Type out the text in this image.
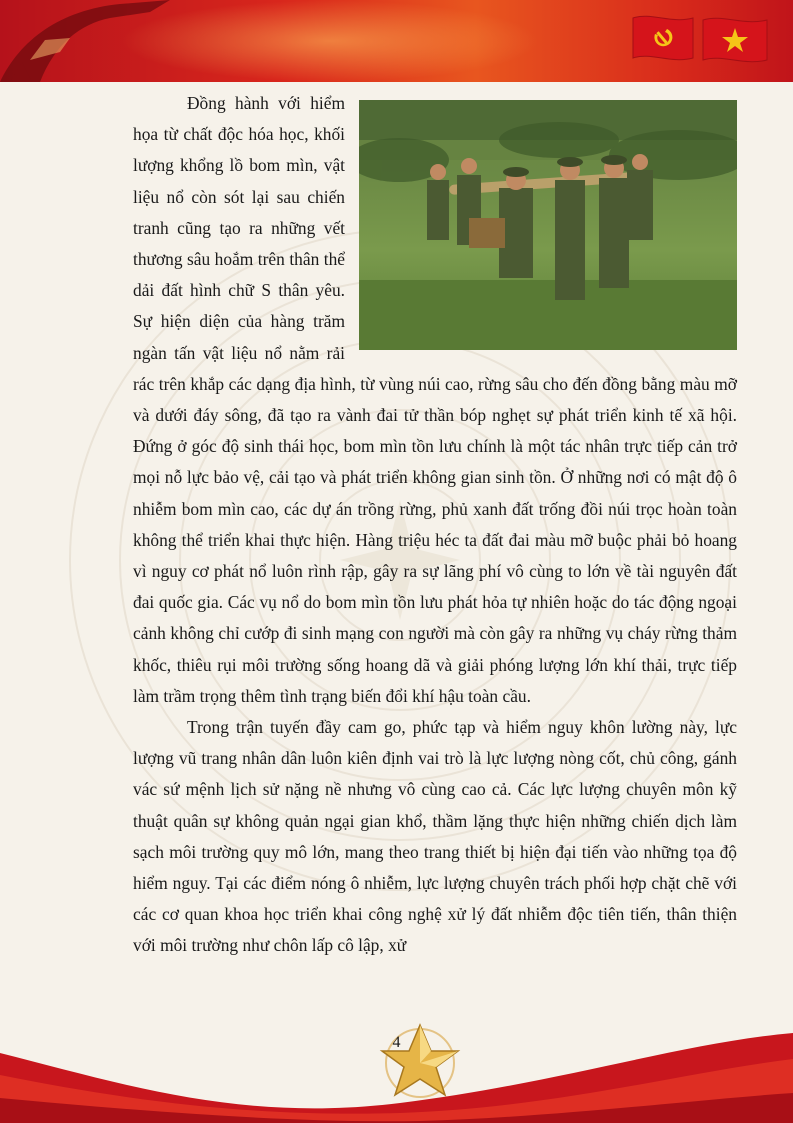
Đồng hành với hiểm họa từ chất độc hóa học, khối lượng khổng lồ bom mìn, vật liệu nổ còn sót lại sau chiến tranh cũng tạo ra những vết thương sâu hoắm trên thân thể dải đất hình chữ S thân yêu. Sự hiện diện của hàng trăm ngàn tấn vật liệu nổ nằm rải rác trên khắp các dạng địa hình, từ vùng núi cao, rừng sâu cho đến đồng bằng màu mỡ và dưới đáy sông, đã tạo ra vành đai tử thần bóp nghẹt sự phát triển kinh tế xã hội. Đứng ở góc độ sinh thái học, bom mìn tồn lưu chính là một tác nhân trực tiếp cản trở mọi nỗ lực bảo vệ, cải tạo và phát triển không gian sinh tồn. Ở những nơi có mật độ ô nhiễm bom mìn cao, các dự án trồng rừng, phủ xanh đất trống đồi núi trọc hoàn toàn không thể triển khai thực hiện. Hàng triệu héc ta đất đai màu mỡ buộc phải bỏ hoang vì nguy cơ phát nổ luôn rình rập, gây ra sự lãng phí vô cùng to lớn về tài nguyên đất đai quốc gia. Các vụ nổ do bom mìn tồn lưu phát hỏa tự nhiên hoặc do tác động ngoại cảnh không chỉ cướp đi sinh mạng con người mà còn gây ra những vụ cháy rừng thảm khốc, thiêu rụi môi trường sống hoang dã và giải phóng lượng lớn khí thải, trực tiếp làm trầm trọng thêm tình trạng biến đổi khí hậu toàn cầu.

Trong trận tuyến đầy cam go, phức tạp và hiểm nguy khôn lường này, lực lượng vũ trang nhân dân luôn kiên định vai trò là lực lượng nòng cốt, chủ công, gánh vác sứ mệnh lịch sử nặng nề nhưng vô cùng cao cả. Các lực lượng chuyên môn kỹ thuật quân sự không quản ngại gian khổ, thầm lặng thực hiện những chiến dịch làm sạch môi trường quy mô lớn, mang theo trang thiết bị hiện đại tiến vào những tọa độ hiểm nguy. Tại các điểm nóng ô nhiễm, lực lượng chuyên trách phối hợp chặt chẽ với các cơ quan khoa học triển khai công nghệ xử lý đất nhiễm độc tiên tiến, thân thiện với môi trường như chôn lấp cô lập, xử

4
